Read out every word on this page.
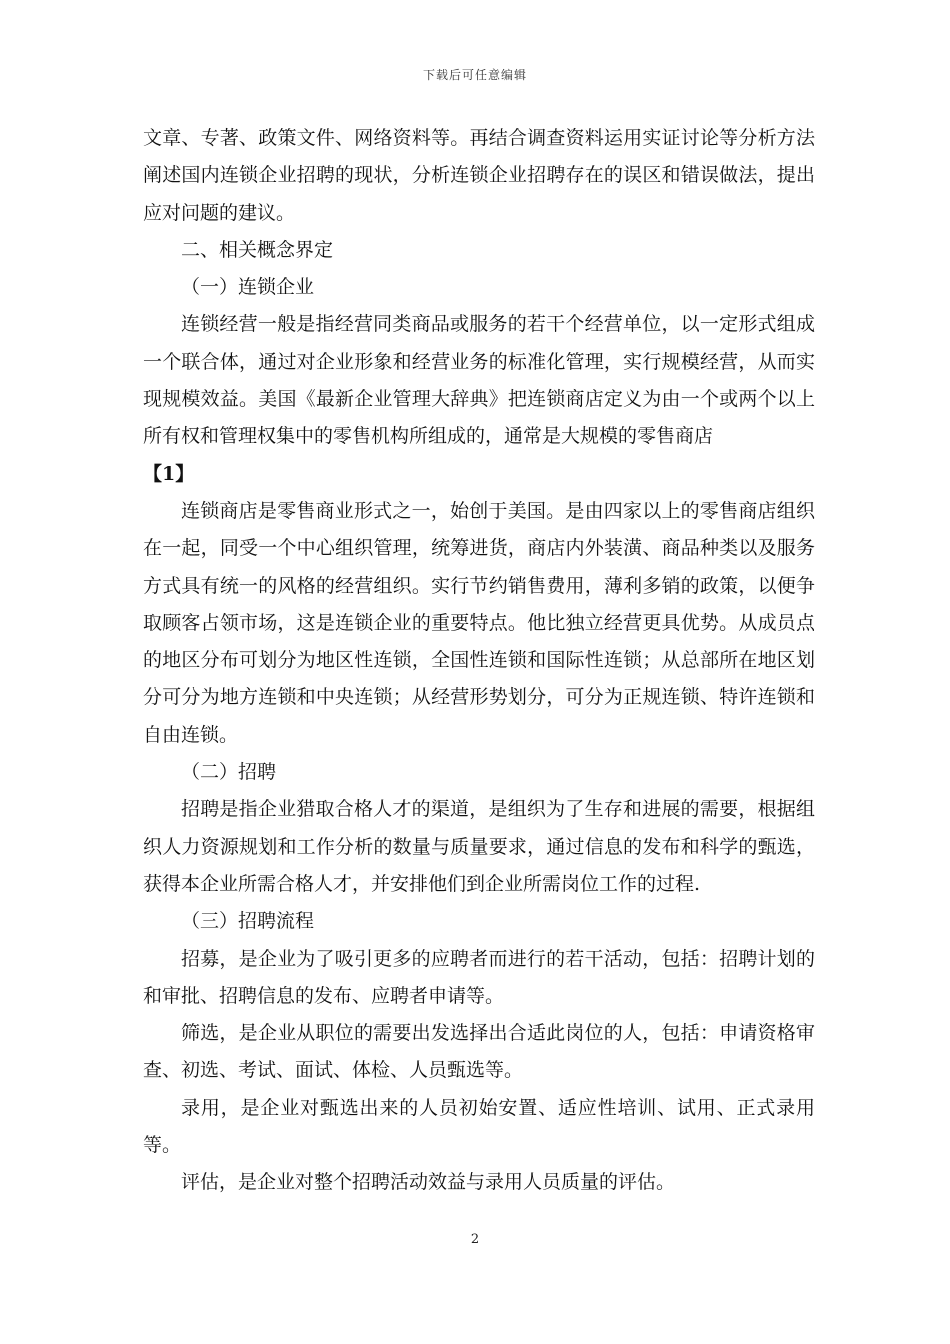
下载后可任意编辑

文章、专著、政策文件、网络资料等。再结合调查资料运用实证讨论等分析方法阐述国内连锁企业招聘的现状，分析连锁企业招聘存在的误区和错误做法，提出应对问题的建议。

二、相关概念界定

（一）连锁企业

连锁经营一般是指经营同类商品或服务的若干个经营单位，以一定形式组成一个联合体，通过对企业形象和经营业务的标准化管理，实行规模经营，从而实现规模效益。美国《最新企业管理大辞典》把连锁商店定义为由一个或两个以上所有权和管理权集中的零售机构所组成的，通常是大规模的零售商店

【1】

连锁商店是零售商业形式之一，始创于美国。是由四家以上的零售商店组织在一起，同受一个中心组织管理，统筹进货，商店内外装潢、商品种类以及服务方式具有统一的风格的经营组织。实行节约销售费用，薄利多销的政策，以便争取顾客占领市场，这是连锁企业的重要特点。他比独立经营更具优势。从成员点的地区分布可划分为地区性连锁，全国性连锁和国际性连锁；从总部所在地区划分可分为地方连锁和中央连锁；从经营形势划分，可分为正规连锁、特许连锁和自由连锁。

（二）招聘

招聘是指企业猎取合格人才的渠道，是组织为了生存和进展的需要，根据组织人力资源规划和工作分析的数量与质量要求，通过信息的发布和科学的甄选，获得本企业所需合格人才，并安排他们到企业所需岗位工作的过程.

（三）招聘流程

招募，是企业为了吸引更多的应聘者而进行的若干活动，包括：招聘计划的和审批、招聘信息的发布、应聘者申请等。

筛选，是企业从职位的需要出发选择出合适此岗位的人，包括：申请资格审查、初选、考试、面试、体检、人员甄选等。

录用，是企业对甄选出来的人员初始安置、适应性培训、试用、正式录用等。

评估，是企业对整个招聘活动效益与录用人员质量的评估。

2
